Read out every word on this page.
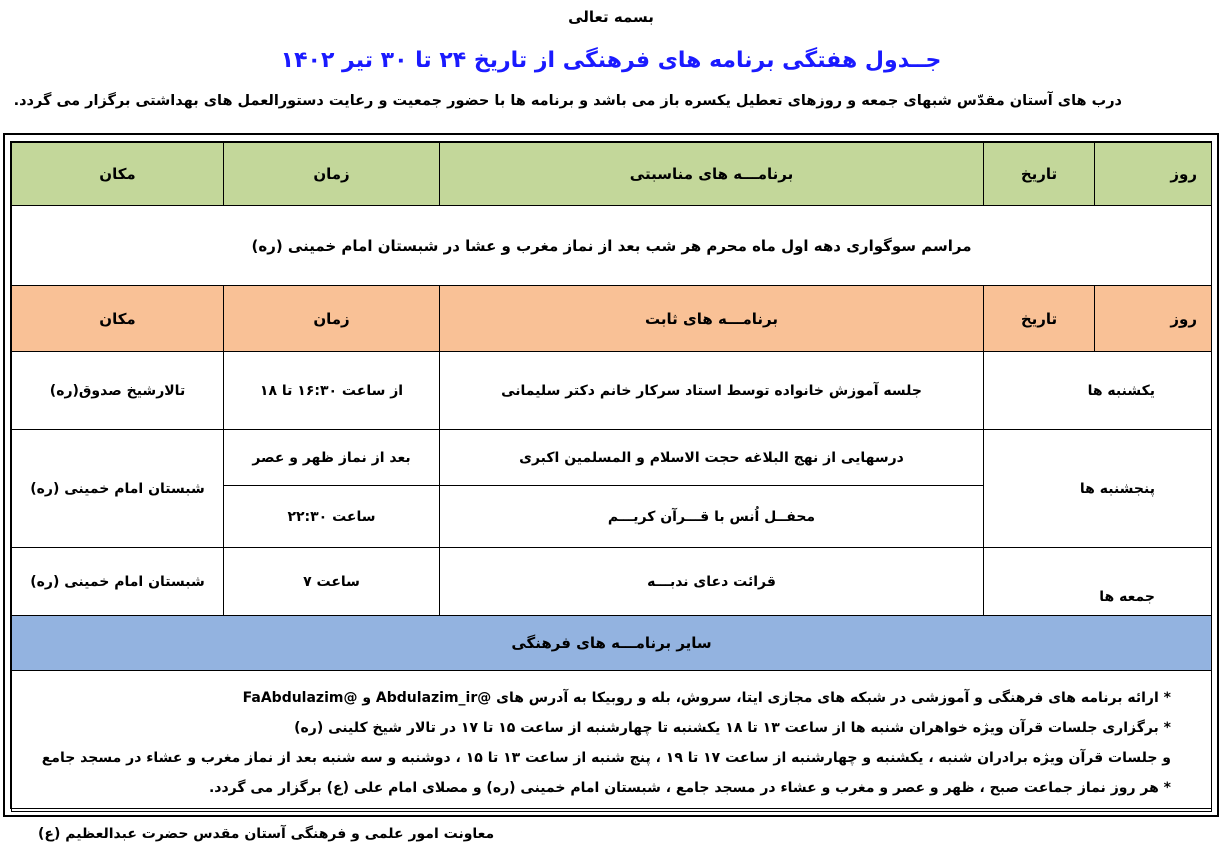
بسمه تعالی
جــدول هفتگی برنامه های فرهنگی از تاریخ ۲۴ تا ۳۰ تیر ۱۴۰۲
درب های آستان مقدّس شبهای جمعه و روزهای تعطیل یکسره باز می باشد و برنامه ها با حضور جمعیت و رعایت دستورالعمل های بهداشتی برگزار می گردد.
روز	تاریخ	برنامـــه های مناسبتی	زمان	مکان
مراسم سوگواری دهه اول ماه محرم هر شب بعد از نماز مغرب و عشا در شبستان امام خمینی (ره)				
روز	تاریخ	برنامـــه های ثابت	زمان	مکان
یکشنبه ها		جلسه آموزش خانواده توسط استاد سرکار خانم دکتر سلیمانی	از ساعت ۱۶:۳۰ تا ۱۸	تالارشیخ صدوق(ره)
پنجشنبه ها		درسهایی از نهج البلاغه حجت الاسلام و المسلمین اکبری	بعد از نماز ظهر و عصر	شبستان امام خمینی (ره)
		محفــل اُنس با قـــرآن کریـــم	ساعت ۲۲:۳۰	
جمعه ها		قرائت دعای ندبـــه	ساعت ۷	شبستان امام خمینی (ره)
سایر برنامـــه های فرهنگی				

* ارائه برنامه های فرهنگی و آموزشی در شبکه های مجازی ایتا، سروش، بله و روبیکا به آدرس های @Abdulazim_ir و @FaAbdulazim
* برگزاری جلسات قرآن ویژه خواهران شنبه ها از ساعت ۱۳ تا ۱۸ یکشنبه تا چهارشنبه از ساعت ۱۵ تا ۱۷ در تالار شیخ کلینی (ره)
و جلسات قرآن ویژه برادران شنبه ، یکشنبه و چهارشنبه از ساعت ۱۷ تا ۱۹ ، پنج شنبه از ساعت ۱۳ تا ۱۵ ، دوشنبه و سه شنبه بعد از نماز مغرب و عشاء در مسجد جامع
* هر روز نماز جماعت صبح ، ظهر و عصر و مغرب و عشاء در مسجد جامع ، شبستان امام خمینی (ره) و مصلای امام علی (ع) برگزار می گردد.				
معاونت امور علمی و فرهنگی آستان مقدس حضرت عبدالعظیم (ع)
